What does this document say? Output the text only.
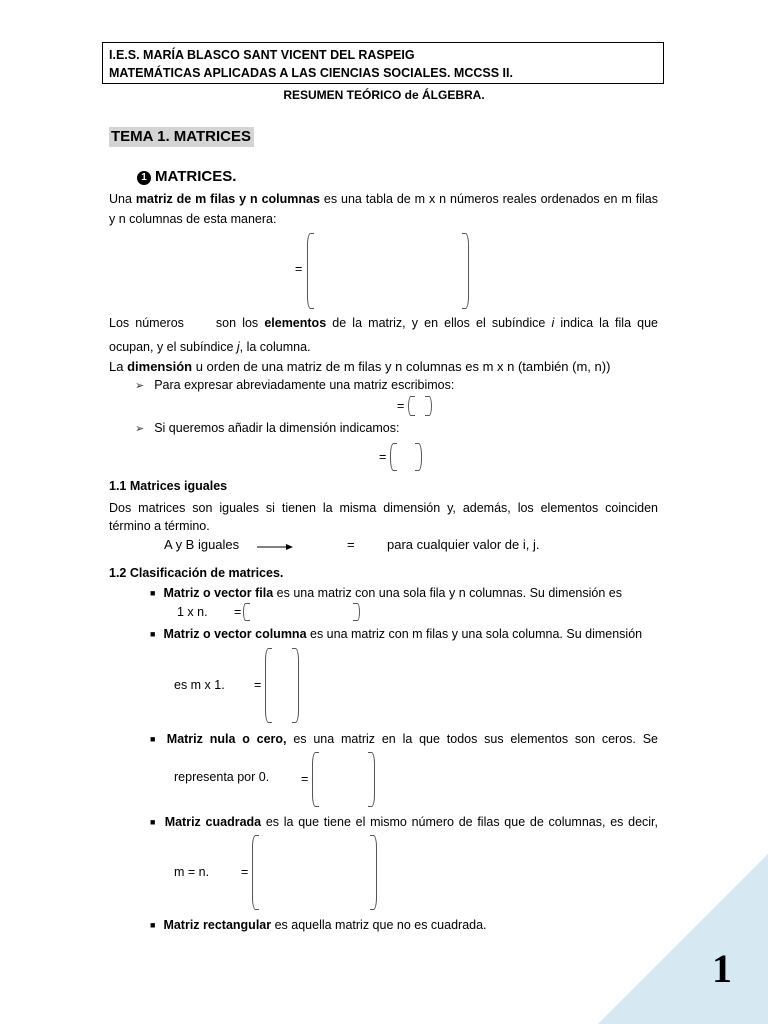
I.E.S. MARÍA BLASCO SANT VICENT DEL RASPEIG
MATEMÁTICAS APLICADAS A LAS CIENCIAS SOCIALES. MCCSS II.
RESUMEN TEÓRICO de ÁLGEBRA.
TEMA 1. MATRICES
1 MATRICES.
Una matriz de m filas y n columnas es una tabla de m x n números reales ordenados en m filas
y n columnas de esta manera:
=
Los números	son los elementos de la matriz, y en ellos el subíndice i indica la fila que
ocupan, y el subíndice j, la columna.
La dimensión u orden de una matriz de m filas y n columnas es m x n (también (m, n))
➢ Para expresar abreviadamente una matriz escribimos:
=
➢ Si queremos añadir la dimensión indicamos:
=
1.1 Matrices iguales
Dos matrices son iguales si tienen la misma dimensión y, además, los elementos coinciden
término a término.
A y B iguales	= para cualquier valor de i, j.
1.2 Clasificación de matrices.
■ Matriz o vector fila es una matriz con una sola fila y n columnas. Su dimensión es
1 x n. =
■ Matriz o vector columna es una matriz con m filas y una sola columna. Su dimensión
es m x 1. =
■ Matriz nula o cero, es una matriz en la que todos sus elementos son ceros. Se
representa por 0.	=
■ Matriz cuadrada es la que tiene el mismo número de filas que de columnas, es decir,
m = n.	=
■ Matriz rectangular es aquella matriz que no es cuadrada.
1
